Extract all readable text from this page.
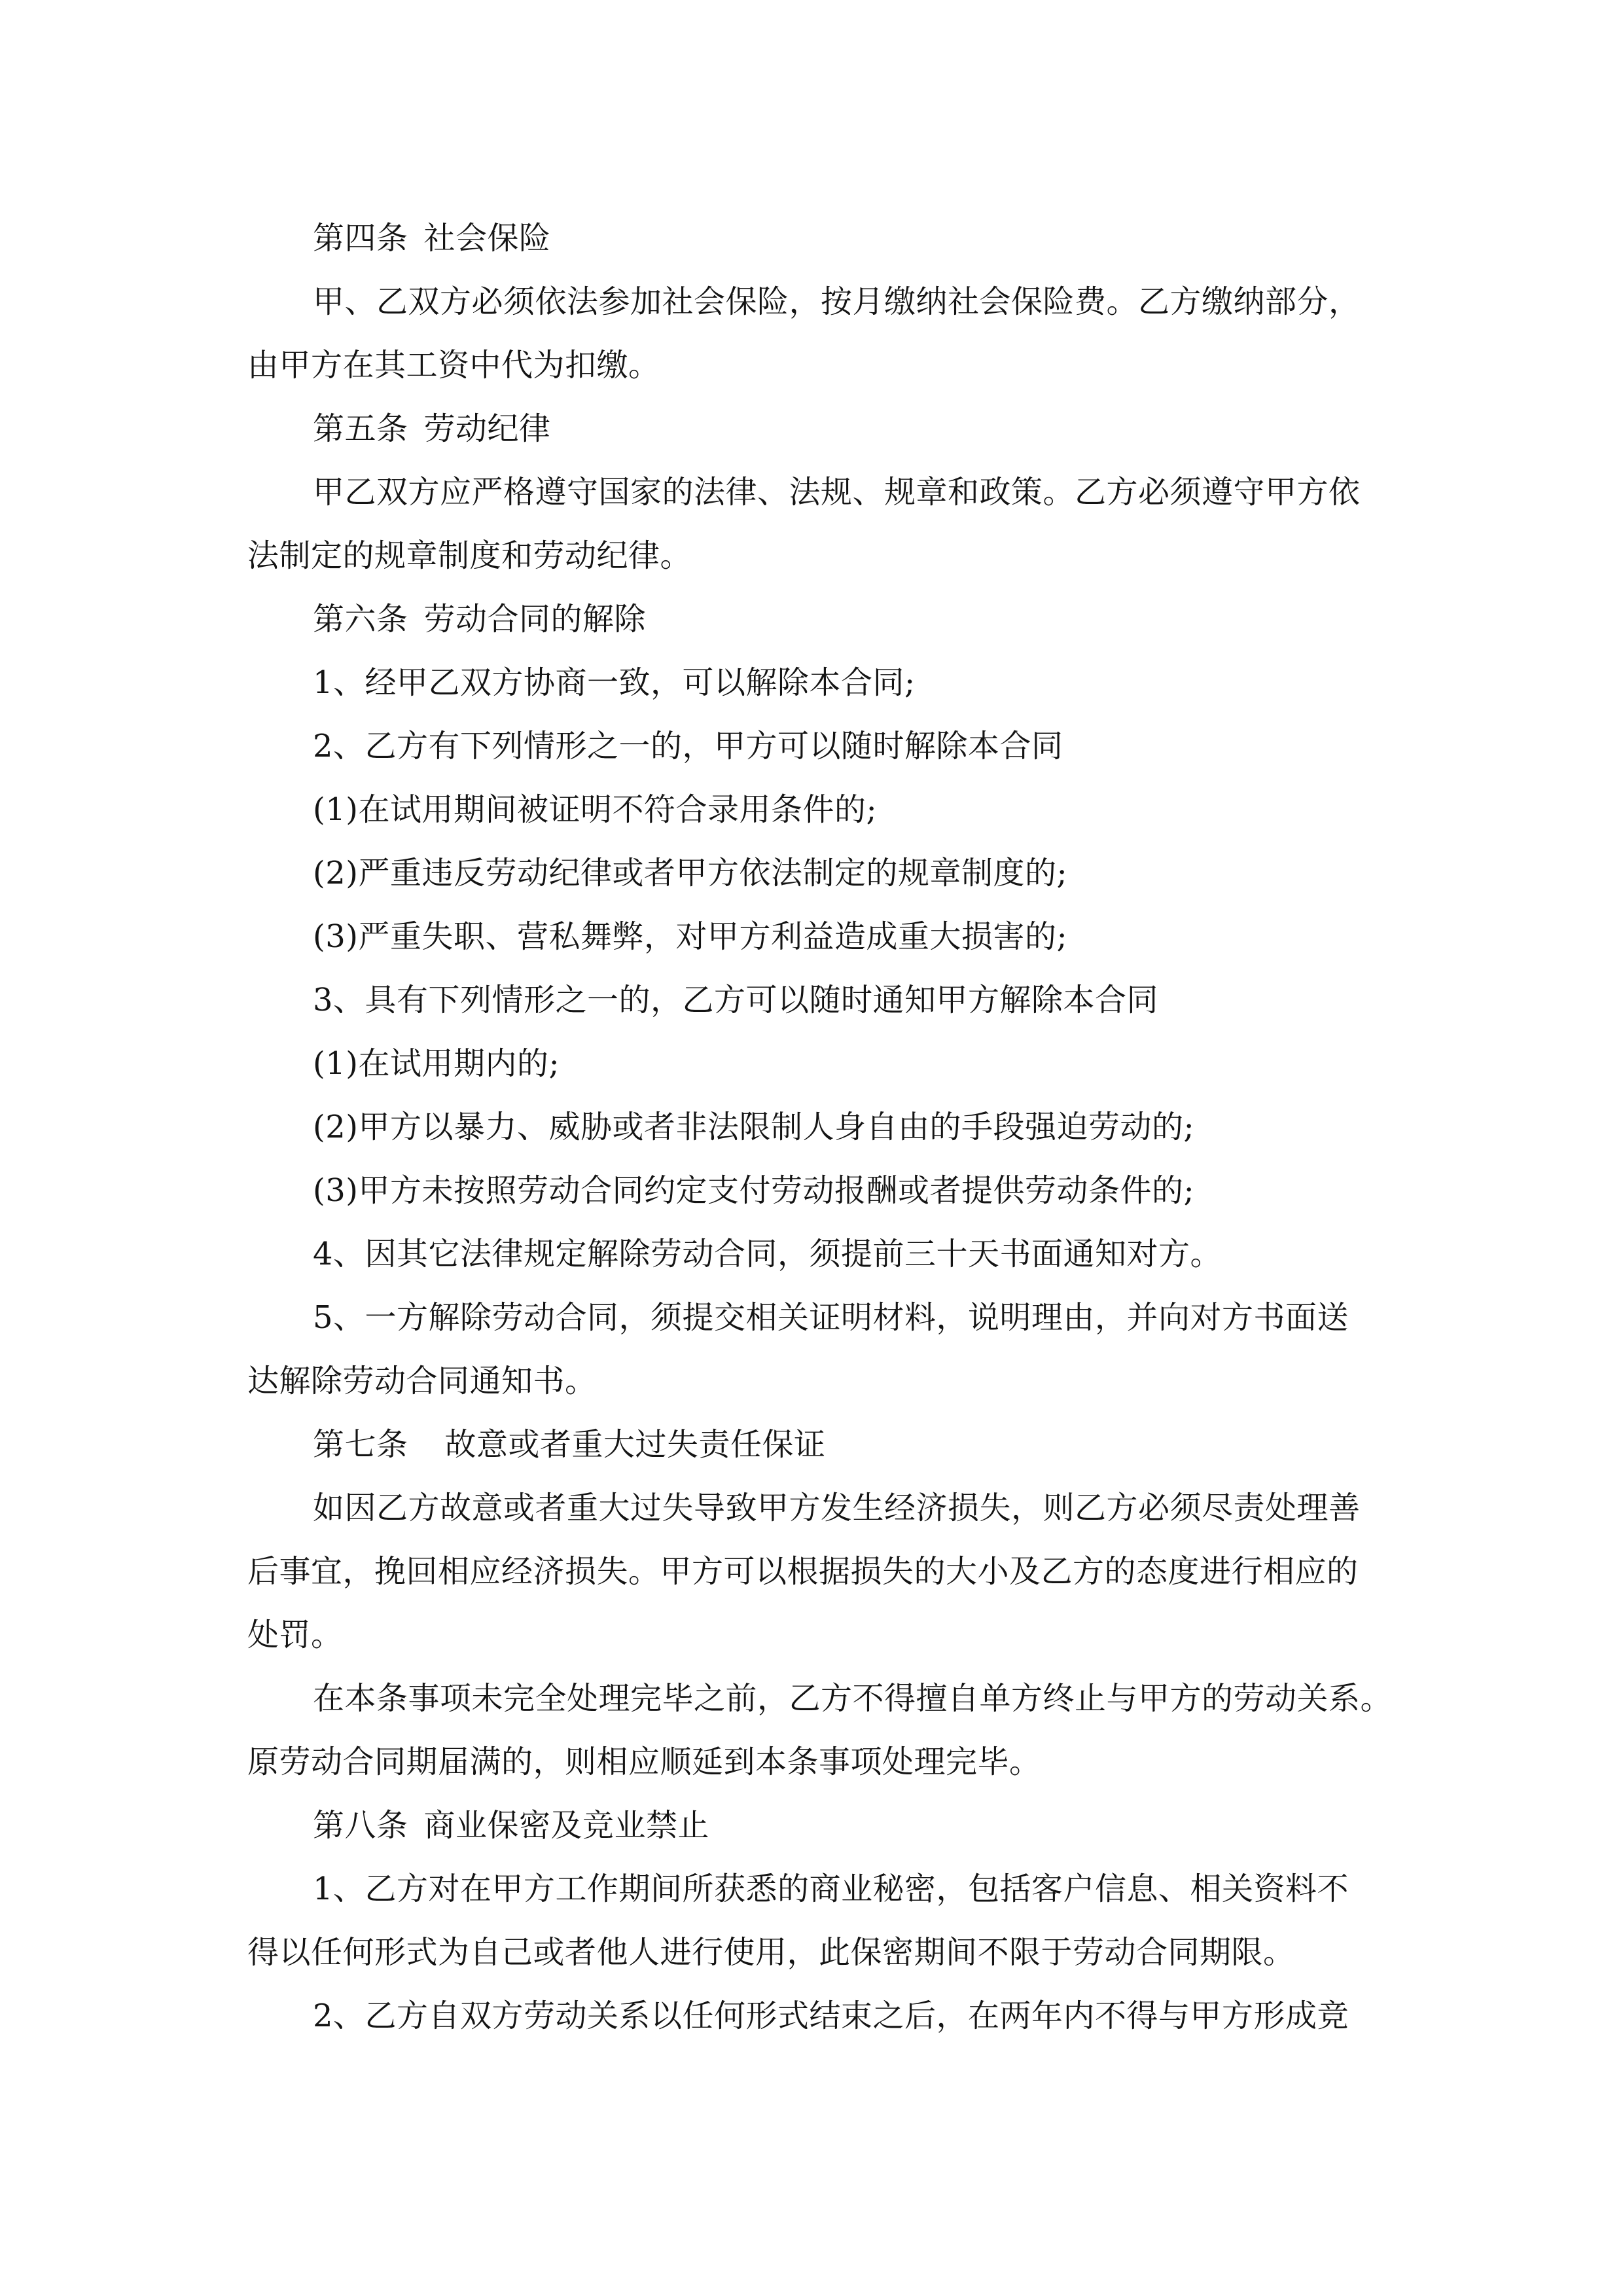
第四条 社会保险
甲、乙双方必须依法参加社会保险，按月缴纳社会保险费。乙方缴纳部分，
由甲方在其工资中代为扣缴。
第五条 劳动纪律
甲乙双方应严格遵守国家的法律、法规、规章和政策。乙方必须遵守甲方依
法制定的规章制度和劳动纪律。
第六条 劳动合同的解除
1、经甲乙双方协商一致，可以解除本合同;
2、乙方有下列情形之一的，甲方可以随时解除本合同
(1)在试用期间被证明不符合录用条件的;
(2)严重违反劳动纪律或者甲方依法制定的规章制度的;
(3)严重失职、营私舞弊，对甲方利益造成重大损害的;
3、具有下列情形之一的，乙方可以随时通知甲方解除本合同
(1)在试用期内的;
(2)甲方以暴力、威胁或者非法限制人身自由的手段强迫劳动的;
(3)甲方未按照劳动合同约定支付劳动报酬或者提供劳动条件的;
4、因其它法律规定解除劳动合同，须提前三十天书面通知对方。
5、一方解除劳动合同，须提交相关证明材料，说明理由，并向对方书面送
达解除劳动合同通知书。
第七条 故意或者重大过失责任保证
如因乙方故意或者重大过失导致甲方发生经济损失，则乙方必须尽责处理善
后事宜，挽回相应经济损失。甲方可以根据损失的大小及乙方的态度进行相应的
处罚。
在本条事项未完全处理完毕之前，乙方不得擅自单方终止与甲方的劳动关系。
原劳动合同期届满的，则相应顺延到本条事项处理完毕。
第八条 商业保密及竞业禁止
1、乙方对在甲方工作期间所获悉的商业秘密，包括客户信息、相关资料不
得以任何形式为自己或者他人进行使用，此保密期间不限于劳动合同期限。
2、乙方自双方劳动关系以任何形式结束之后，在两年内不得与甲方形成竞
